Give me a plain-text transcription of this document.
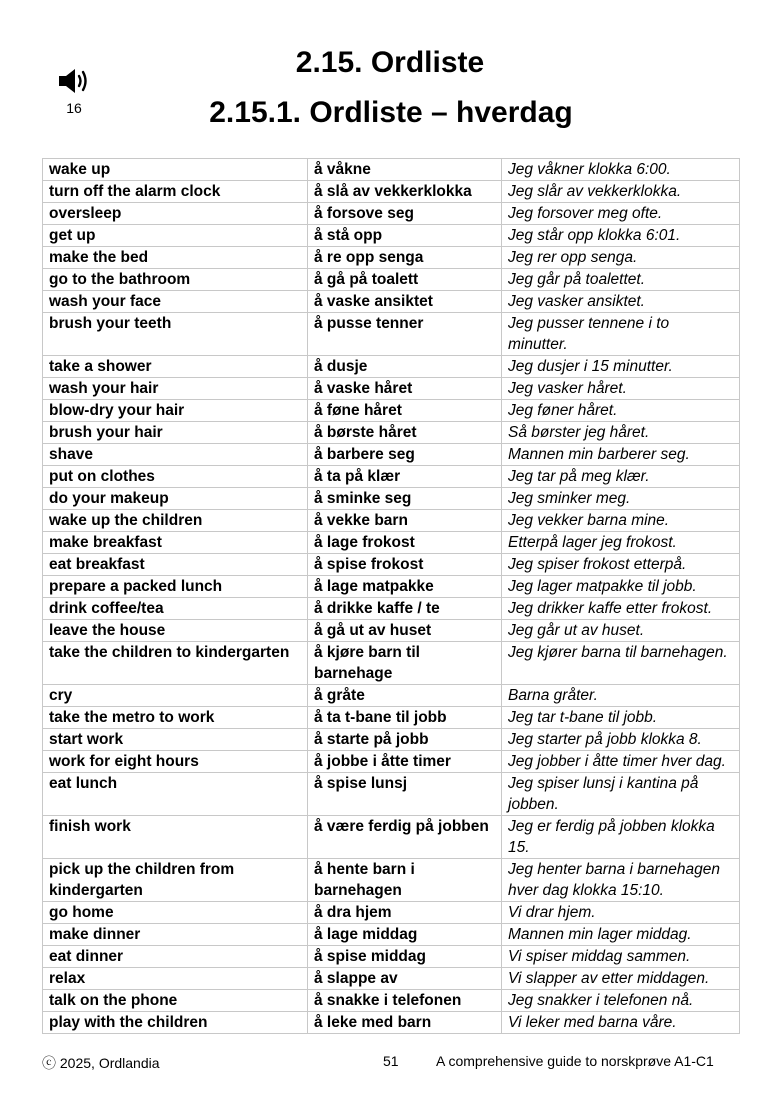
16
2.15. Ordliste
2.15.1. Ordliste – hverdag
wake up	å våkne	Jeg våkner klokka 6:00.
turn off the alarm clock	å slå av vekkerklokka	Jeg slår av vekkerklokka.
oversleep	å forsove seg	Jeg forsover meg ofte.
get up	å stå opp	Jeg står opp klokka 6:01.
make the bed	å re opp senga	Jeg rer opp senga.
go to the bathroom	å gå på toalett	Jeg går på toalettet.
wash your face	å vaske ansiktet	Jeg vasker ansiktet.
brush your teeth	å pusse tenner	Jeg pusser tennene i to minutter.
take a shower	å dusje	Jeg dusjer i 15 minutter.
wash your hair	å vaske håret	Jeg vasker håret.
blow-dry your hair	å føne håret	Jeg føner håret.
brush your hair	å børste håret	Så børster jeg håret.
shave	å barbere seg	Mannen min barberer seg.
put on clothes	å ta på klær	Jeg tar på meg klær.
do your makeup	å sminke seg	Jeg sminker meg.
wake up the children	å vekke barn	Jeg vekker barna mine.
make breakfast	å lage frokost	Etterpå lager jeg frokost.
eat breakfast	å spise frokost	Jeg spiser frokost etterpå.
prepare a packed lunch	å lage matpakke	Jeg lager matpakke til jobb.
drink coffee/tea	å drikke kaffe / te	Jeg drikker kaffe etter frokost.
leave the house	å gå ut av huset	Jeg går ut av huset.
take the children to kindergarten	å kjøre barn til barnehage	Jeg kjører barna til barnehagen.
cry	å gråte	Barna gråter.
take the metro to work	å ta t-bane til jobb	Jeg tar t-bane til jobb.
start work	å starte på jobb	Jeg starter på jobb klokka 8.
work for eight hours	å jobbe i åtte timer	Jeg jobber i åtte timer hver dag.
eat lunch	å spise lunsj	Jeg spiser lunsj i kantina på jobben.
finish work	å være ferdig på jobben	Jeg er ferdig på jobben klokka 15.
pick up the children from kindergarten	å hente barn i barnehagen	Jeg henter barna i barnehagen hver dag klokka 15:10.
go home	å dra hjem	Vi drar hjem.
make dinner	å lage middag	Mannen min lager middag.
eat dinner	å spise middag	Vi spiser middag sammen.
relax	å slappe av	Vi slapper av etter middagen.
talk on the phone	å snakke i telefonen	Jeg snakker i telefonen nå.
play with the children	å leke med barn	Vi leker med barna våre.
ⓒ 2025, Ordlandia	51	A comprehensive guide to norskprøve A1-C1
